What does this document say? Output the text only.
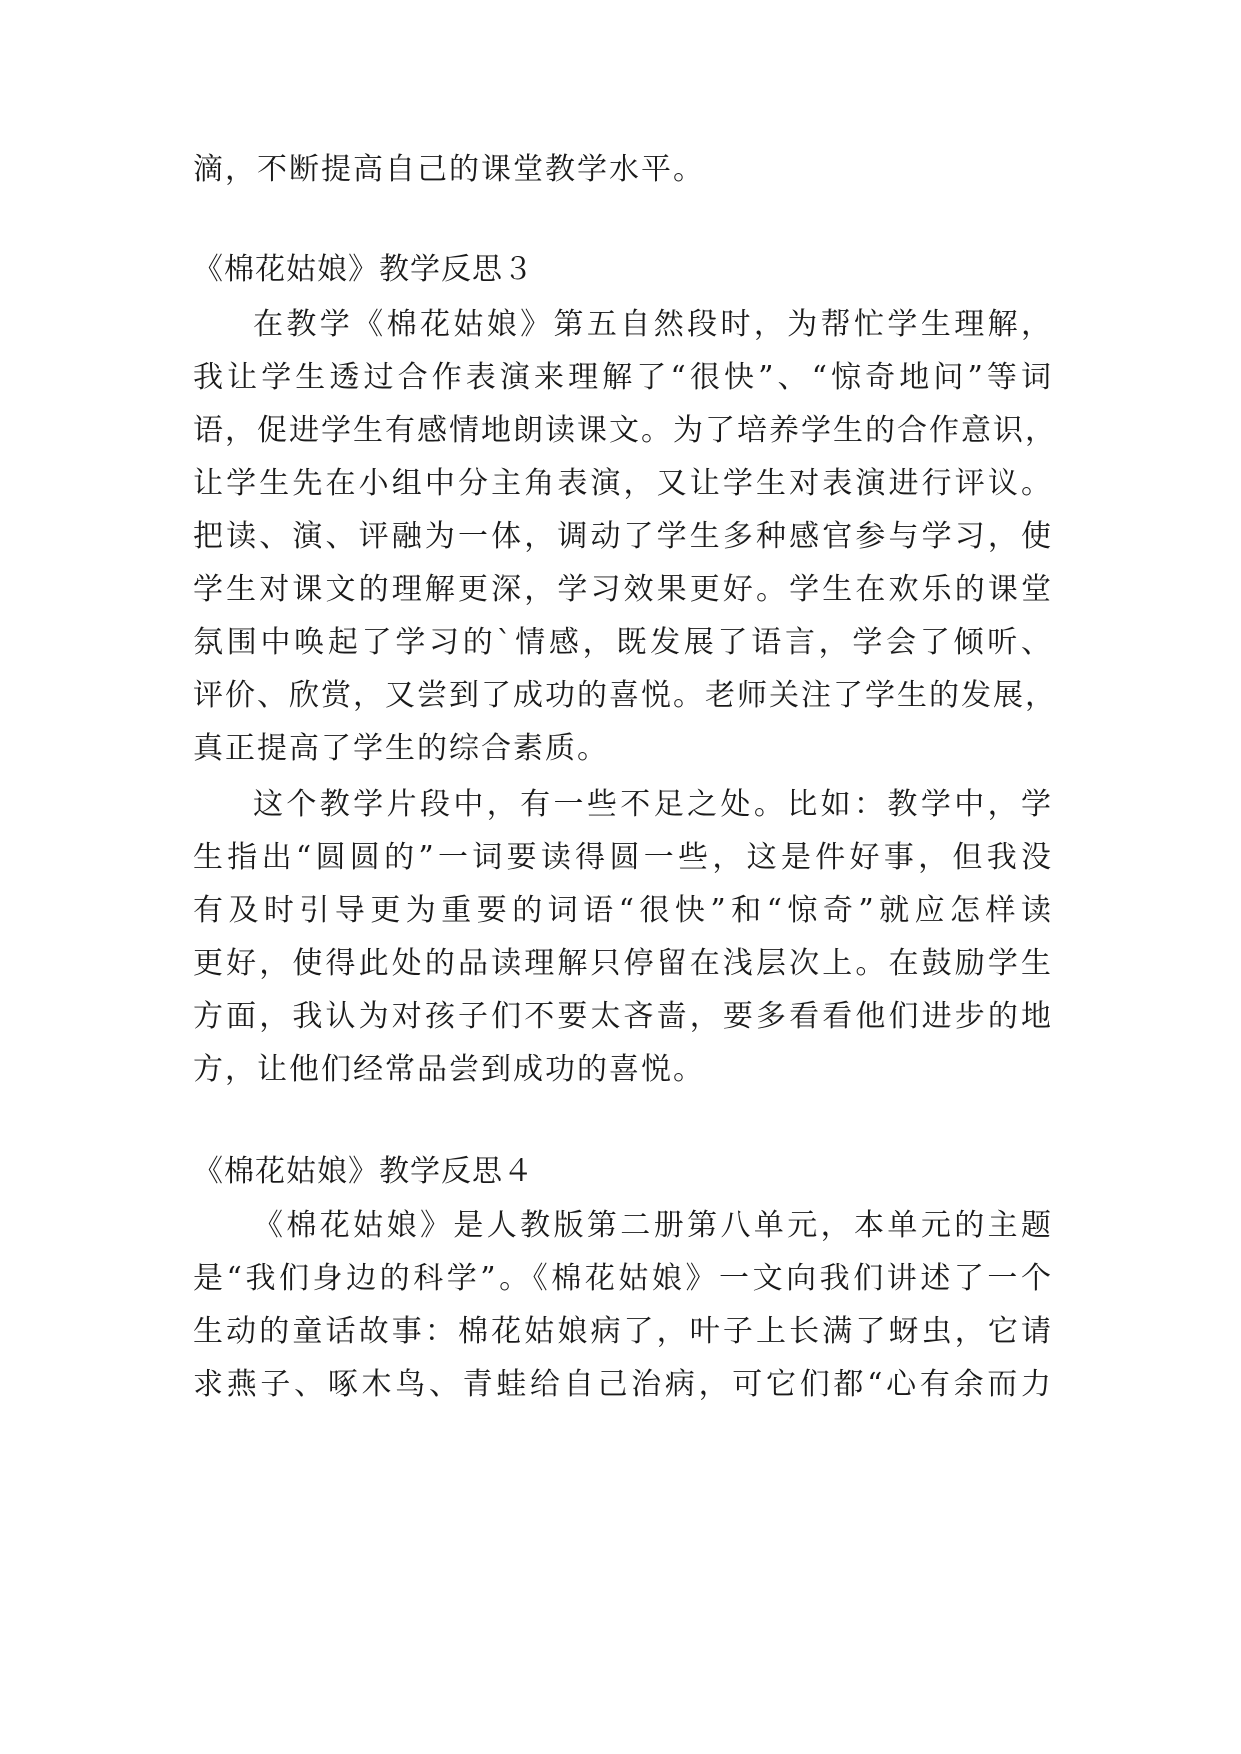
滴，不断提高自己的课堂教学水平。
《棉花姑娘》教学反思３
在教学《棉花姑娘》第五自然段时，为帮忙学生理解，
我让学生透过合作表演来理解了“很快”、“惊奇地问”等词
语，促进学生有感情地朗读课文。为了培养学生的合作意识，
让学生先在小组中分主角表演，又让学生对表演进行评议。
把读、演、评融为一体，调动了学生多种感官参与学习，使
学生对课文的理解更深，学习效果更好。学生在欢乐的课堂
氛围中唤起了学习的`情感，既发展了语言，学会了倾听、
评价、欣赏，又尝到了成功的喜悦。老师关注了学生的发展，
真正提高了学生的综合素质。
这个教学片段中，有一些不足之处。比如：教学中，学
生指出“圆圆的”一词要读得圆一些，这是件好事，但我没
有及时引导更为重要的词语“很快”和“惊奇”就应怎样读
更好，使得此处的品读理解只停留在浅层次上。在鼓励学生
方面，我认为对孩子们不要太吝啬，要多看看他们进步的地
方，让他们经常品尝到成功的喜悦。
《棉花姑娘》教学反思４
《棉花姑娘》是人教版第二册第八单元，本单元的主题
是“我们身边的科学”。《棉花姑娘》一文向我们讲述了一个
生动的童话故事：棉花姑娘病了，叶子上长满了蚜虫，它请
求燕子、啄木鸟、青蛙给自己治病，可它们都“心有余而力
